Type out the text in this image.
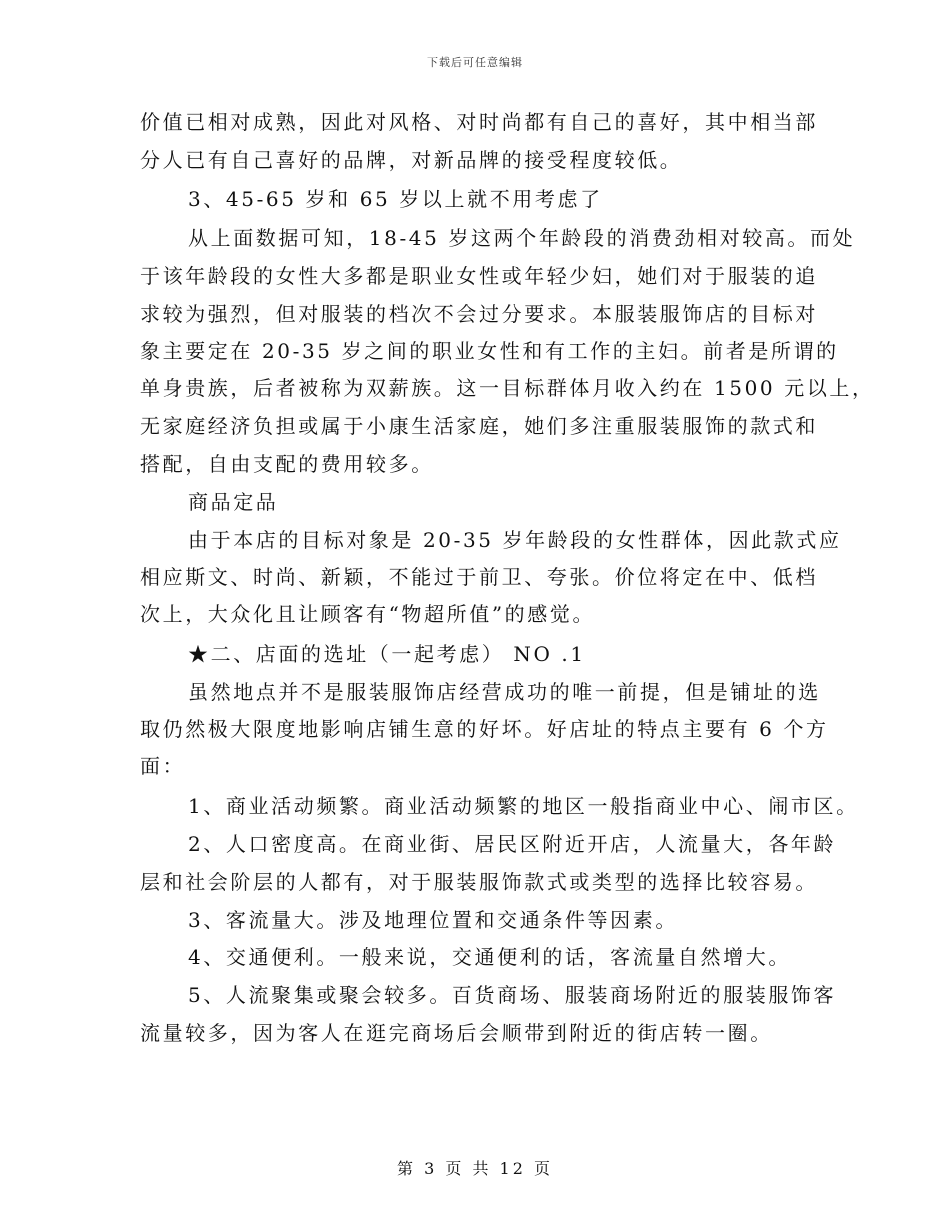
下载后可任意编辑
价值已相对成熟，因此对风格、对时尚都有自己的喜好，其中相当部
分人已有自己喜好的品牌，对新品牌的接受程度较低。
3、45-65 岁和 65 岁以上就不用考虑了
从上面数据可知，18-45 岁这两个年龄段的消费劲相对较高。而处
于该年龄段的女性大多都是职业女性或年轻少妇，她们对于服装的追
求较为强烈，但对服装的档次不会过分要求。本服装服饰店的目标对
象主要定在 20-35 岁之间的职业女性和有工作的主妇。前者是所谓的
单身贵族，后者被称为双薪族。这一目标群体月收入约在 1500 元以上，
无家庭经济负担或属于小康生活家庭，她们多注重服装服饰的款式和
搭配，自由支配的费用较多。
商品定品
由于本店的目标对象是 20-35 岁年龄段的女性群体，因此款式应
相应斯文、时尚、新颖，不能过于前卫、夸张。价位将定在中、低档
次上，大众化且让顾客有“物超所值”的感觉。
★二、店面的选址（一起考虑） NO .1
虽然地点并不是服装服饰店经营成功的唯一前提，但是铺址的选
取仍然极大限度地影响店铺生意的好坏。好店址的特点主要有 6 个方
面：
1、商业活动频繁。商业活动频繁的地区一般指商业中心、闹市区。
2、人口密度高。在商业街、居民区附近开店，人流量大，各年龄
层和社会阶层的人都有，对于服装服饰款式或类型的选择比较容易。
3、客流量大。涉及地理位置和交通条件等因素。
4、交通便利。一般来说，交通便利的话，客流量自然增大。
5、人流聚集或聚会较多。百货商场、服装商场附近的服装服饰客
流量较多，因为客人在逛完商场后会顺带到附近的街店转一圈。
第 3 页 共 12 页
